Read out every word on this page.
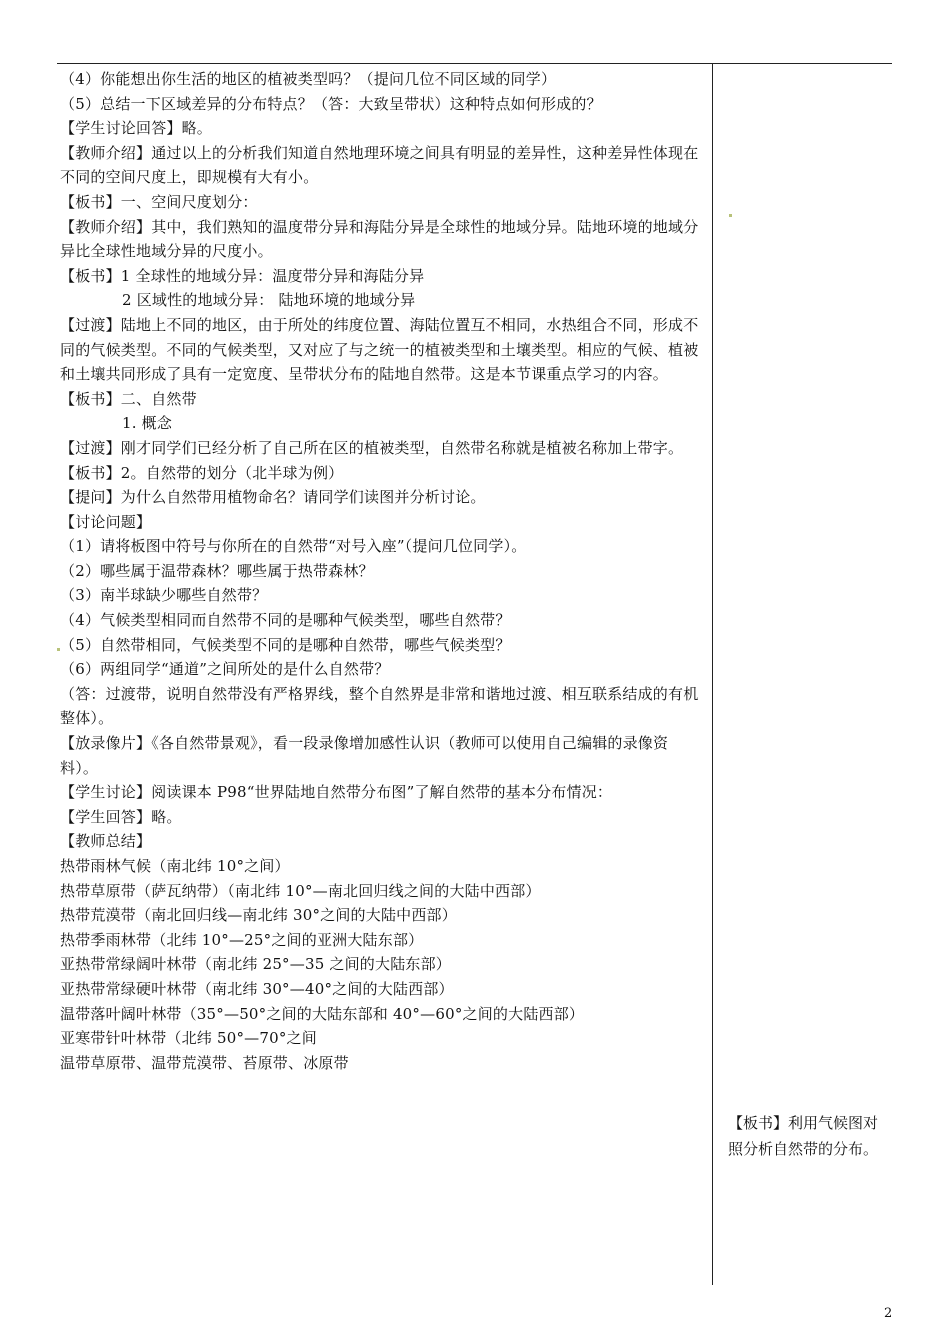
（4）你能想出你生活的地区的植被类型吗？（提问几位不同区域的同学）

（5）总结一下区域差异的分布特点？（答：大致呈带状）这种特点如何形成的？

【学生讨论回答】略。

【教师介绍】通过以上的分析我们知道自然地理环境之间具有明显的差异性，这种差异性体现在不同的空间尺度上，即规模有大有小。

【板书】一、空间尺度划分：

【教师介绍】其中，我们熟知的温度带分异和海陆分异是全球性的地域分异。陆地环境的地域分异比全球性地域分异的尺度小。

【板书】1 全球性的地域分异：温度带分异和海陆分异

2 区域性的地域分异： 陆地环境的地域分异

【过渡】陆地上不同的地区，由于所处的纬度位置、海陆位置互不相同，水热组合不同，形成不同的气候类型。不同的气候类型，又对应了与之统一的植被类型和土壤类型。相应的气候、植被和土壤共同形成了具有一定宽度、呈带状分布的陆地自然带。这是本节课重点学习的内容。

【板书】二、自然带

1. 概念

【过渡】刚才同学们已经分析了自己所在区的植被类型，自然带名称就是植被名称加上带字。

【板书】2。自然带的划分（北半球为例）

【提问】为什么自然带用植物命名？请同学们读图并分析讨论。

【讨论问题】

（1）请将板图中符号与你所在的自然带“对号入座”（提问几位同学）。

（2）哪些属于温带森林？哪些属于热带森林？

（3）南半球缺少哪些自然带？

（4）气候类型相同而自然带不同的是哪种气候类型，哪些自然带？

（5）自然带相同，气候类型不同的是哪种自然带，哪些气候类型？

（6）两组同学“通道”之间所处的是什么自然带？

（答：过渡带，说明自然带没有严格界线，整个自然界是非常和谐地过渡、相互联系结成的有机整体）。

【放录像片】《各自然带景观》，看一段录像增加感性认识（教师可以使用自己编辑的录像资料）。

【学生讨论】阅读课本 P98“世界陆地自然带分布图”了解自然带的基本分布情况：

【学生回答】略。

【教师总结】

热带雨林气候（南北纬 10°之间）

热带草原带（萨瓦纳带）（南北纬 10°—南北回归线之间的大陆中西部）

热带荒漠带（南北回归线—南北纬 30°之间的大陆中西部）

热带季雨林带（北纬 10°—25°之间的亚洲大陆东部）

亚热带常绿阔叶林带（南北纬 25°—35 之间的大陆东部）

亚热带常绿硬叶林带（南北纬 30°—40°之间的大陆西部）

温带落叶阔叶林带（35°—50°之间的大陆东部和 40°—60°之间的大陆西部）

亚寒带针叶林带（北纬 50°—70°之间

温带草原带、温带荒漠带、苔原带、冰原带

【板书】利用气候图对照分析自然带的分布。
2
